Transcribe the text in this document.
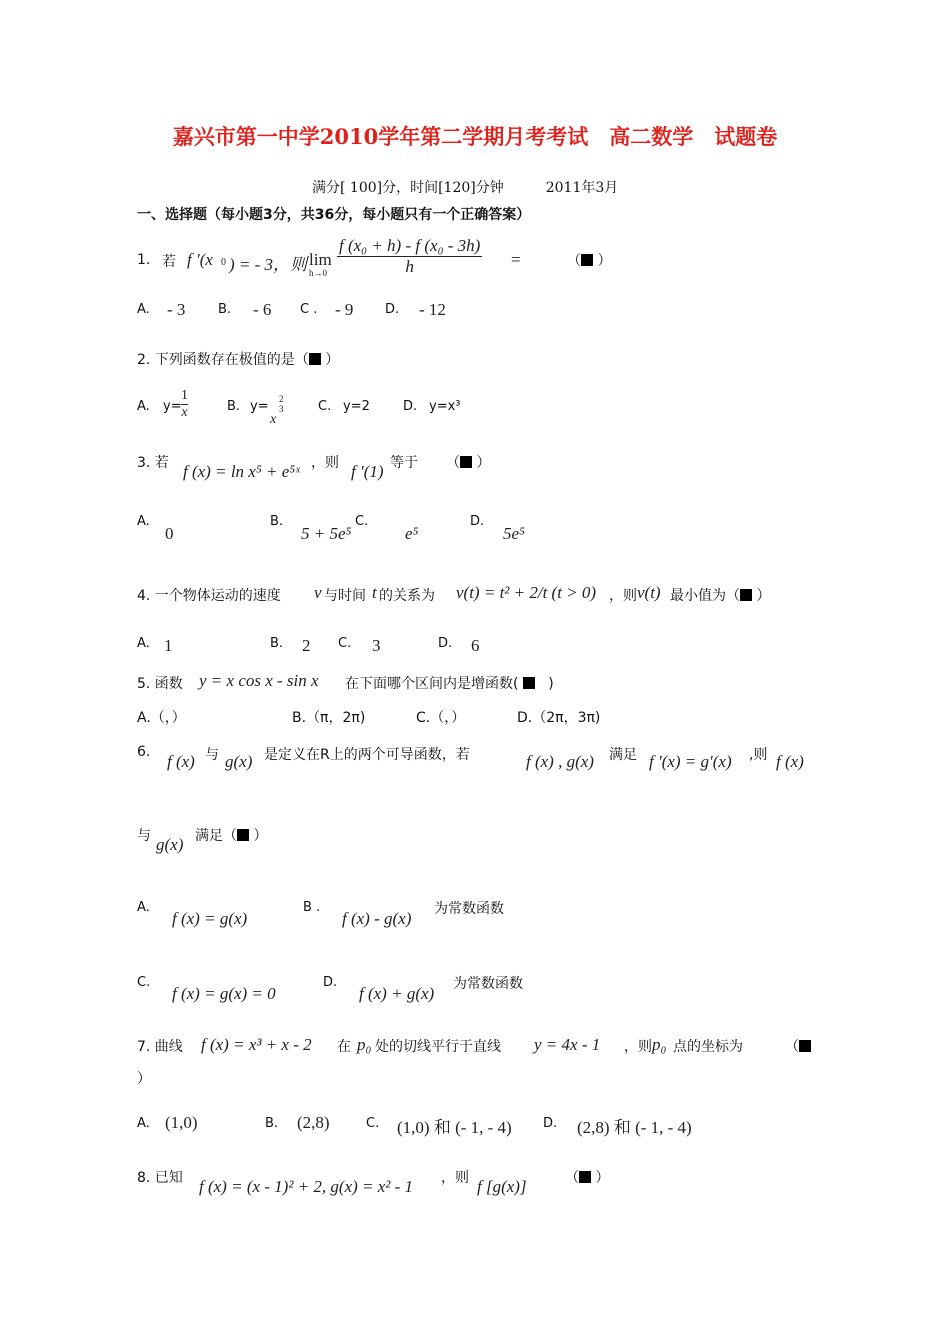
嘉兴市第一中学2010学年第二学期月考考试　高二数学　试题卷
满分[ 100]分，时间[120]分钟　　　2011年3月
一、选择题（每小题3分，共36分，每小题只有一个正确答案）
1. 若 f ′(x 0 ) = - 3，则 lim
$h\to 0 \frac{\text{f (x₀ + h) - f (x₀ - 3h)}}{h}$ =	（ ）
A. - 3	B. - 6 C . - 9 D. - 12
2. 下列函数存在极值的是（ ）
A. y=
1
x	B. y=
x
2
3	C. y=2	D. y=x³
3. 若 f (x) = ln x⁵ + e⁵ˣ ，则 f ′(1) 等于 （ ）
A.
0
B.
5 + 5e⁵
C.
e⁵
D.
5e⁵
4. 一个物体运动的速度 v 与时间 t 的关系为 v(t) = t² + 2/t (t > 0) ，则 v(t) 最小值为（ ）
A. 1	B. 2 C. 3	D. 6
5. 函数 y = x cos x - sin x 在下面哪个区间内是增函数(    )
A.（，）	B.（π，2π)	C.（，）	D.（2π，3π)
6. f (x) 与 g(x) 是定义在R上的两个可导函数，若	f (x) , g(x) 满足 f ′(x) = g′(x) ,则 f (x)
与 g(x) 满足（ ）
A.
f (x) = g(x)
B .
f (x) - g(x) 为常数函数
C.
f (x) = g(x) = 0
D.
f (x) + g(x) 为常数函数
7. 曲线 f (x) = x³ + x - 2 在 p₀ 处的切线平行于直线 y = 4x - 1 ，则 p₀ 点的坐标为	（
）
A. (1,0)	B. (2,8)	C. (1,0) 和 (- 1, - 4) D. (2,8) 和 (- 1, - 4)
8. 已知 f (x) = (x - 1)² + 2, g(x) = x² - 1 ，则 f [g(x)]	（ ）
